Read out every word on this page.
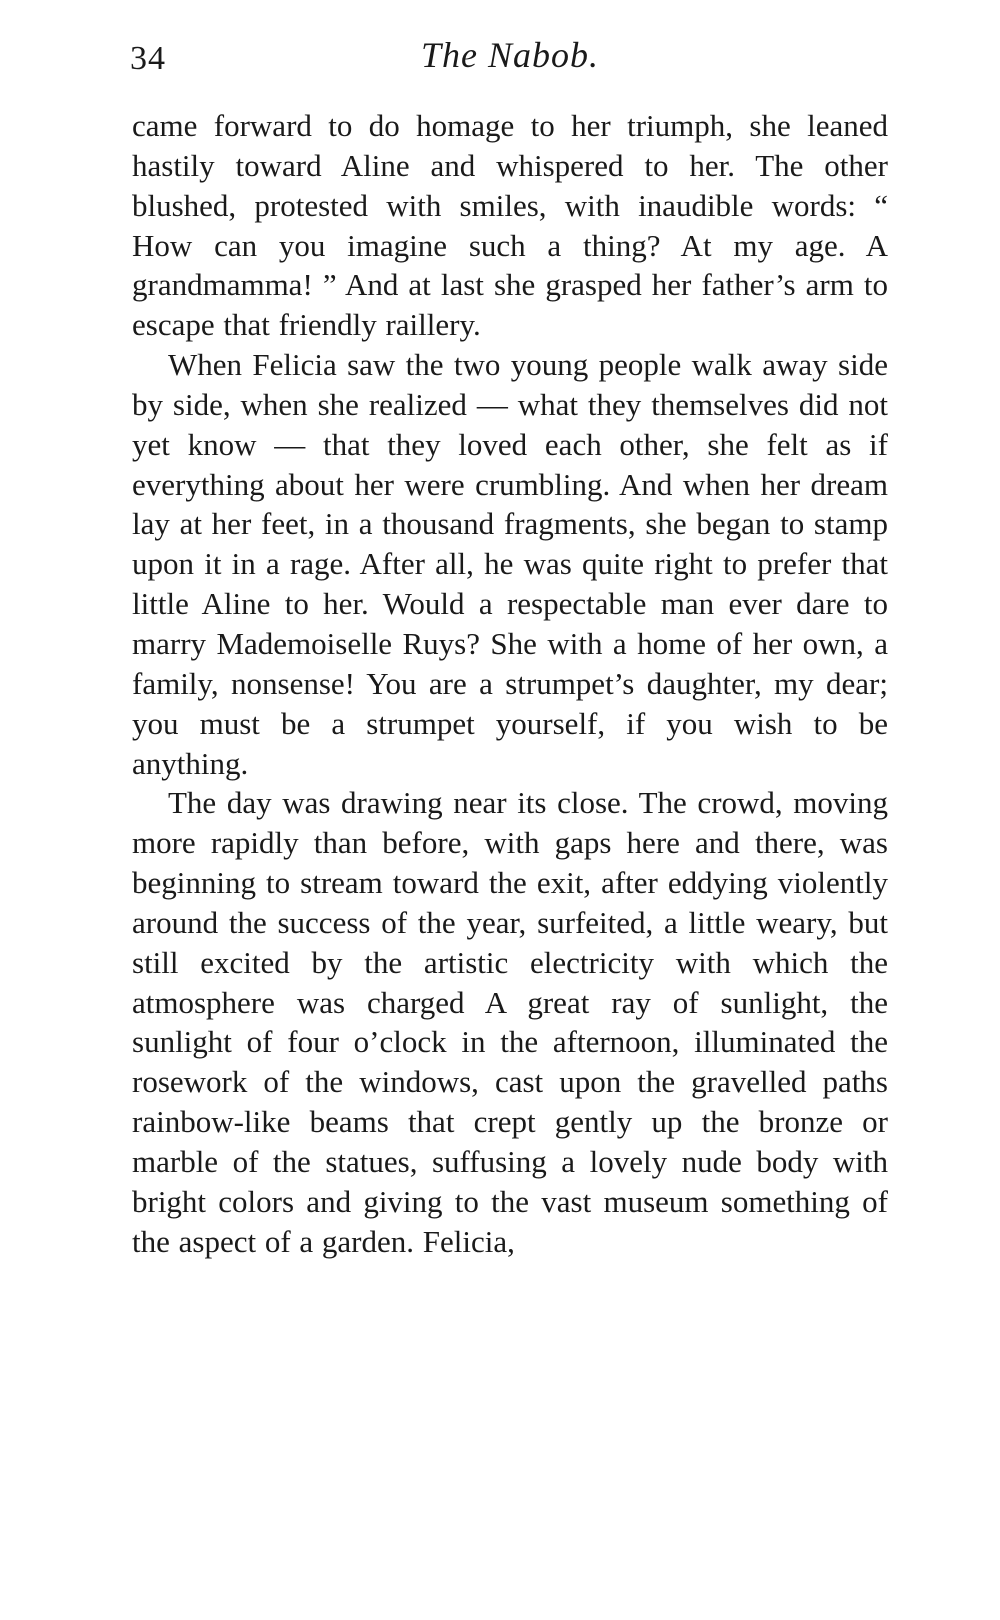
34	The Nabob.

came forward to do homage to her triumph, she leaned hastily toward Aline and whispered to her. The other blushed, protested with smiles, with inaudible words: “ How can you imagine such a thing? At my age. A grandmamma! ” And at last she grasped her father’s arm to escape that friendly raillery.

When Felicia saw the two young people walk away side by side, when she realized — what they themselves did not yet know — that they loved each other, she felt as if everything about her were crumbling. And when her dream lay at her feet, in a thousand fragments, she began to stamp upon it in a rage. After all, he was quite right to prefer that little Aline to her. Would a respectable man ever dare to marry Mademoiselle Ruys? She with a home of her own, a family, nonsense! You are a strumpet’s daughter, my dear; you must be a strumpet yourself, if you wish to be anything.

The day was drawing near its close. The crowd, moving more rapidly than before, with gaps here and there, was beginning to stream toward the exit, after eddying violently around the success of the year, surfeited, a little weary, but still excited by the artistic electricity with which the atmosphere was charged A great ray of sunlight, the sunlight of four o’clock in the afternoon, illuminated the rosework of the windows, cast upon the gravelled paths rainbow-like beams that crept gently up the bronze or marble of the statues, suffusing a lovely nude body with bright colors and giving to the vast museum something of the aspect of a garden. Felicia,
